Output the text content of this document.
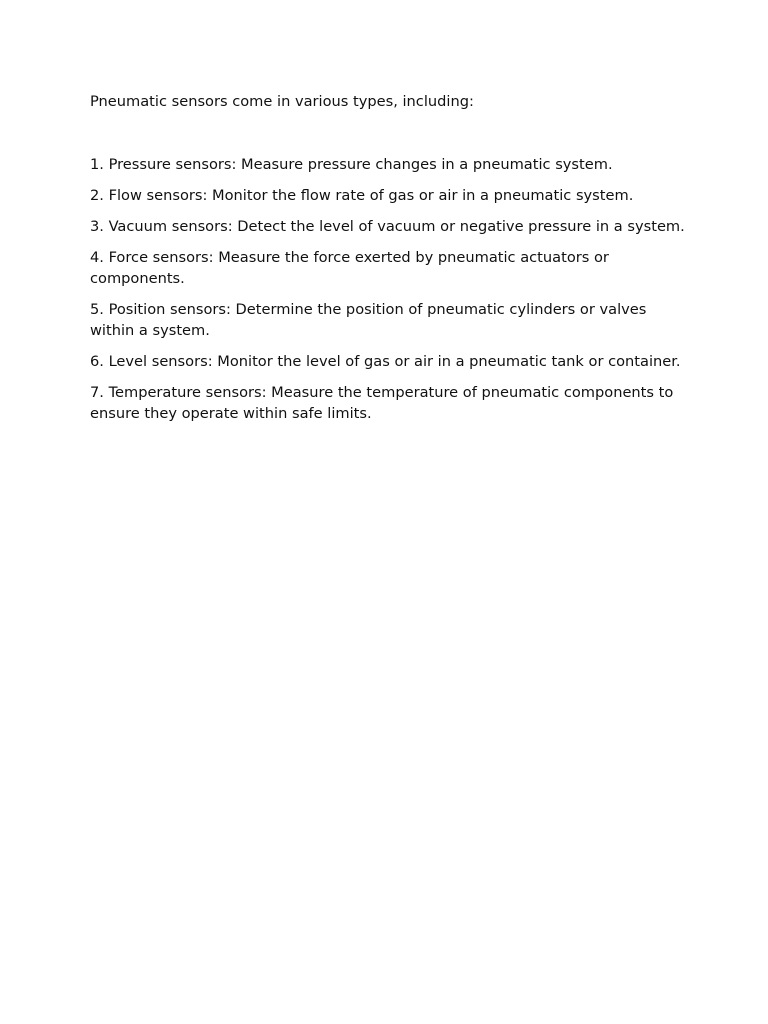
Pneumatic sensors come in various types, including:

1. Pressure sensors: Measure pressure changes in a pneumatic system.
2. Flow sensors: Monitor the flow rate of gas or air in a pneumatic system.
3. Vacuum sensors: Detect the level of vacuum or negative pressure in a system.
4. Force sensors: Measure the force exerted by pneumatic actuators or components.
5. Position sensors: Determine the position of pneumatic cylinders or valves within a system.
6. Level sensors: Monitor the level of gas or air in a pneumatic tank or container.
7. Temperature sensors: Measure the temperature of pneumatic components to ensure they operate within safe limits.
